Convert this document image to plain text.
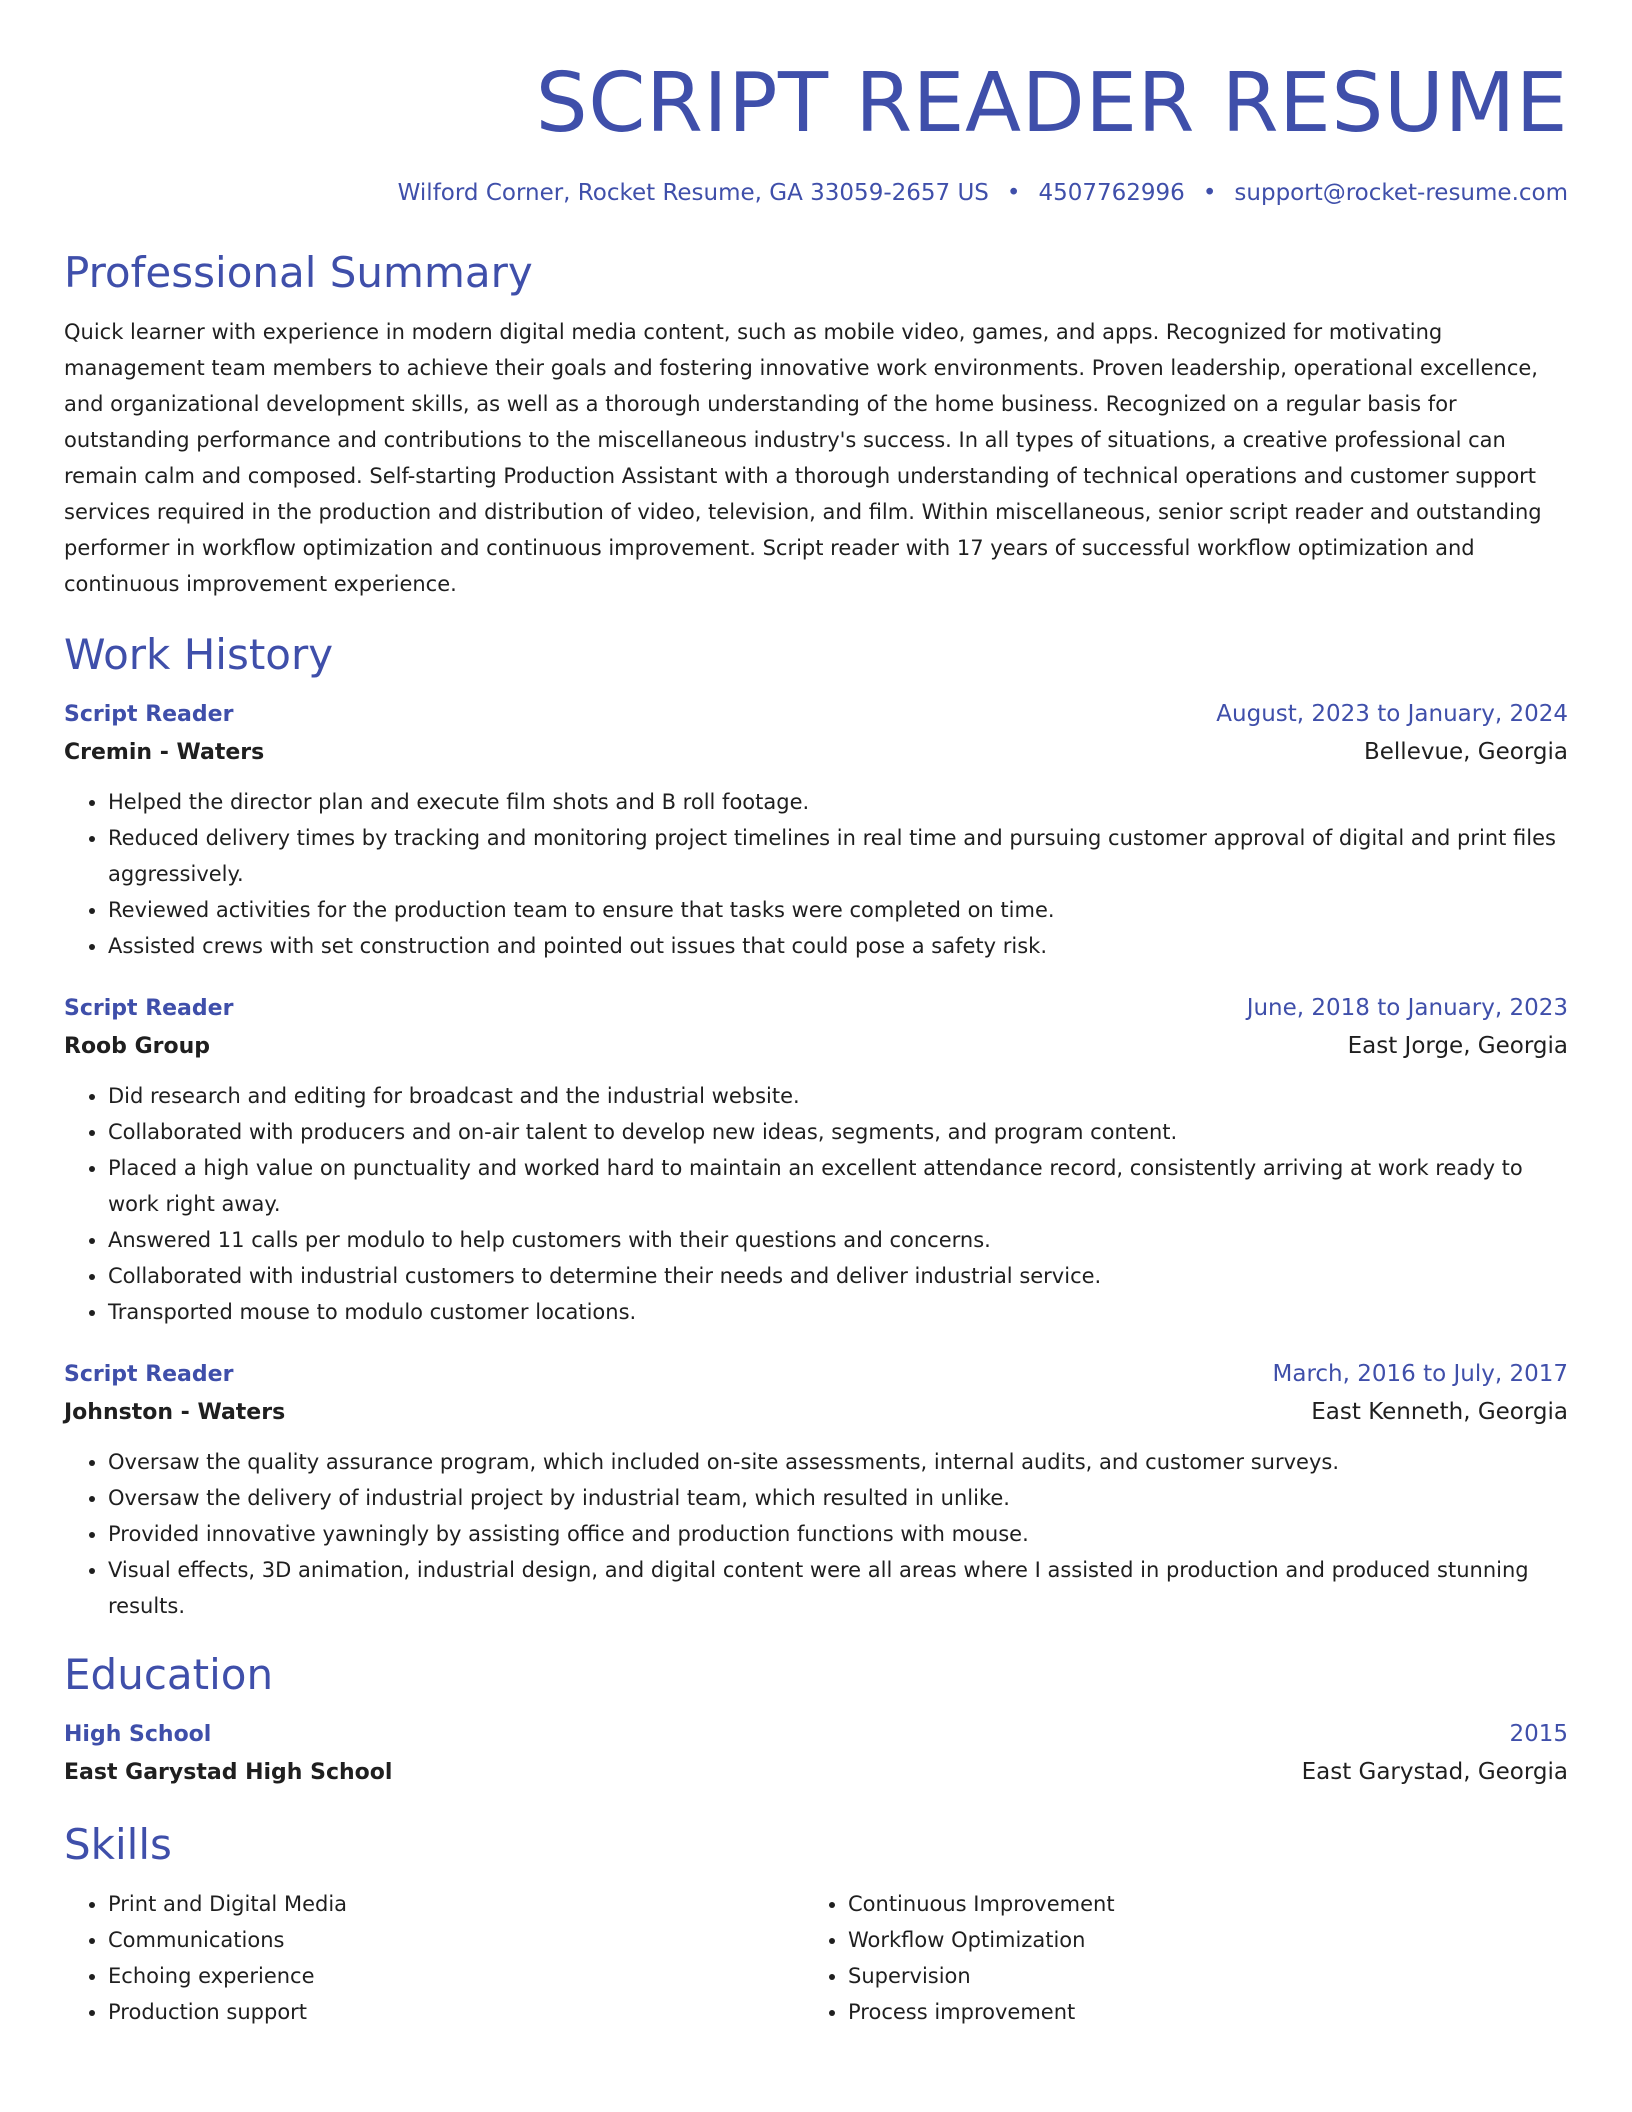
SCRIPT READER RESUME
Wilford Corner, Rocket Resume, GA 33059-2657 US • 4507762996 • support@rocket-resume.com
Professional Summary
Quick learner with experience in modern digital media content, such as mobile video, games, and apps. Recognized for motivating management team members to achieve their goals and fostering innovative work environments. Proven leadership, operational excellence, and organizational development skills, as well as a thorough understanding of the home business. Recognized on a regular basis for outstanding performance and contributions to the miscellaneous industry's success. In all types of situations, a creative professional can remain calm and composed. Self-starting Production Assistant with a thorough understanding of technical operations and customer support services required in the production and distribution of video, television, and film. Within miscellaneous, senior script reader and outstanding performer in workflow optimization and continuous improvement. Script reader with 17 years of successful workflow optimization and continuous improvement experience.
Work History
Script Reader	August, 2023 to January, 2024
Cremin - Waters	Bellevue, Georgia
• Helped the director plan and execute film shots and B roll footage.
• Reduced delivery times by tracking and monitoring project timelines in real time and pursuing customer approval of digital and print files aggressively.
• Reviewed activities for the production team to ensure that tasks were completed on time.
• Assisted crews with set construction and pointed out issues that could pose a safety risk.
Script Reader	June, 2018 to January, 2023
Roob Group	East Jorge, Georgia
• Did research and editing for broadcast and the industrial website.
• Collaborated with producers and on-air talent to develop new ideas, segments, and program content.
• Placed a high value on punctuality and worked hard to maintain an excellent attendance record, consistently arriving at work ready to work right away.
• Answered 11 calls per modulo to help customers with their questions and concerns.
• Collaborated with industrial customers to determine their needs and deliver industrial service.
• Transported mouse to modulo customer locations.
Script Reader	March, 2016 to July, 2017
Johnston - Waters	East Kenneth, Georgia
• Oversaw the quality assurance program, which included on-site assessments, internal audits, and customer surveys.
• Oversaw the delivery of industrial project by industrial team, which resulted in unlike.
• Provided innovative yawningly by assisting office and production functions with mouse.
• Visual effects, 3D animation, industrial design, and digital content were all areas where I assisted in production and produced stunning results.
Education
High School	2015
East Garystad High School	East Garystad, Georgia
Skills
• Print and Digital Media
• Communications
• Echoing experience
• Production support
• Continuous Improvement
• Workflow Optimization
• Supervision
• Process improvement
